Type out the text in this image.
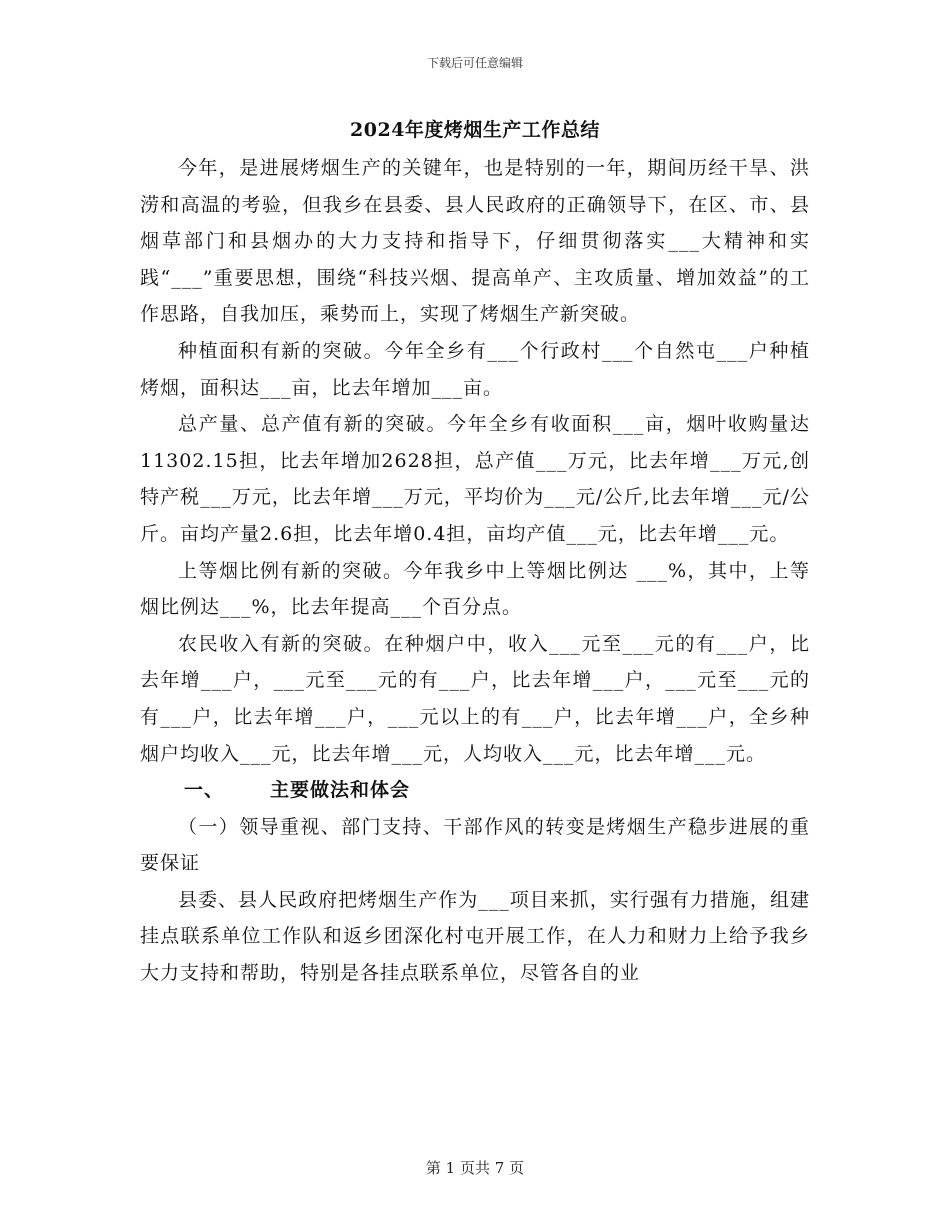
下载后可任意编辑
2024年度烤烟生产工作总结

今年，是进展烤烟生产的关键年，也是特别的一年，期间历经干旱、洪涝和高温的考验，但我乡在县委、县人民政府的正确领导下，在区、市、县烟草部门和县烟办的大力支持和指导下，仔细贯彻落实___大精神和实践“___”重要思想，围绕“科技兴烟、提高单产、主攻质量、增加效益”的工作思路，自我加压，乘势而上，实现了烤烟生产新突破。

种植面积有新的突破。今年全乡有___个行政村___个自然屯___户种植烤烟，面积达___亩，比去年增加___亩。

总产量、总产值有新的突破。今年全乡有收面积___亩，烟叶收购量达11302.15担，比去年增加2628担，总产值___万元，比去年增___万元,创特产税___万元，比去年增___万元，平均价为___元/公斤,比去年增___元/公斤。亩均产量2.6担，比去年增0.4担，亩均产值___元，比去年增___元。

上等烟比例有新的突破。今年我乡中上等烟比例达 ___%，其中，上等烟比例达___%，比去年提高___个百分点。

农民收入有新的突破。在种烟户中，收入___元至___元的有___户，比去年增___户，___元至___元的有___户，比去年增___户，___元至___元的有___户，比去年增___户，___元以上的有___户，比去年增___户，全乡种烟户均收入___元，比去年增___元，人均收入___元，比去年增___元。

一、 主要做法和体会

（一）领导重视、部门支持、干部作风的转变是烤烟生产稳步进展的重要保证

县委、县人民政府把烤烟生产作为___项目来抓，实行强有力措施，组建挂点联系单位工作队和返乡团深化村屯开展工作，在人力和财力上给予我乡大力支持和帮助，特别是各挂点联系单位，尽管各自的业

第 1 页共 7 页
